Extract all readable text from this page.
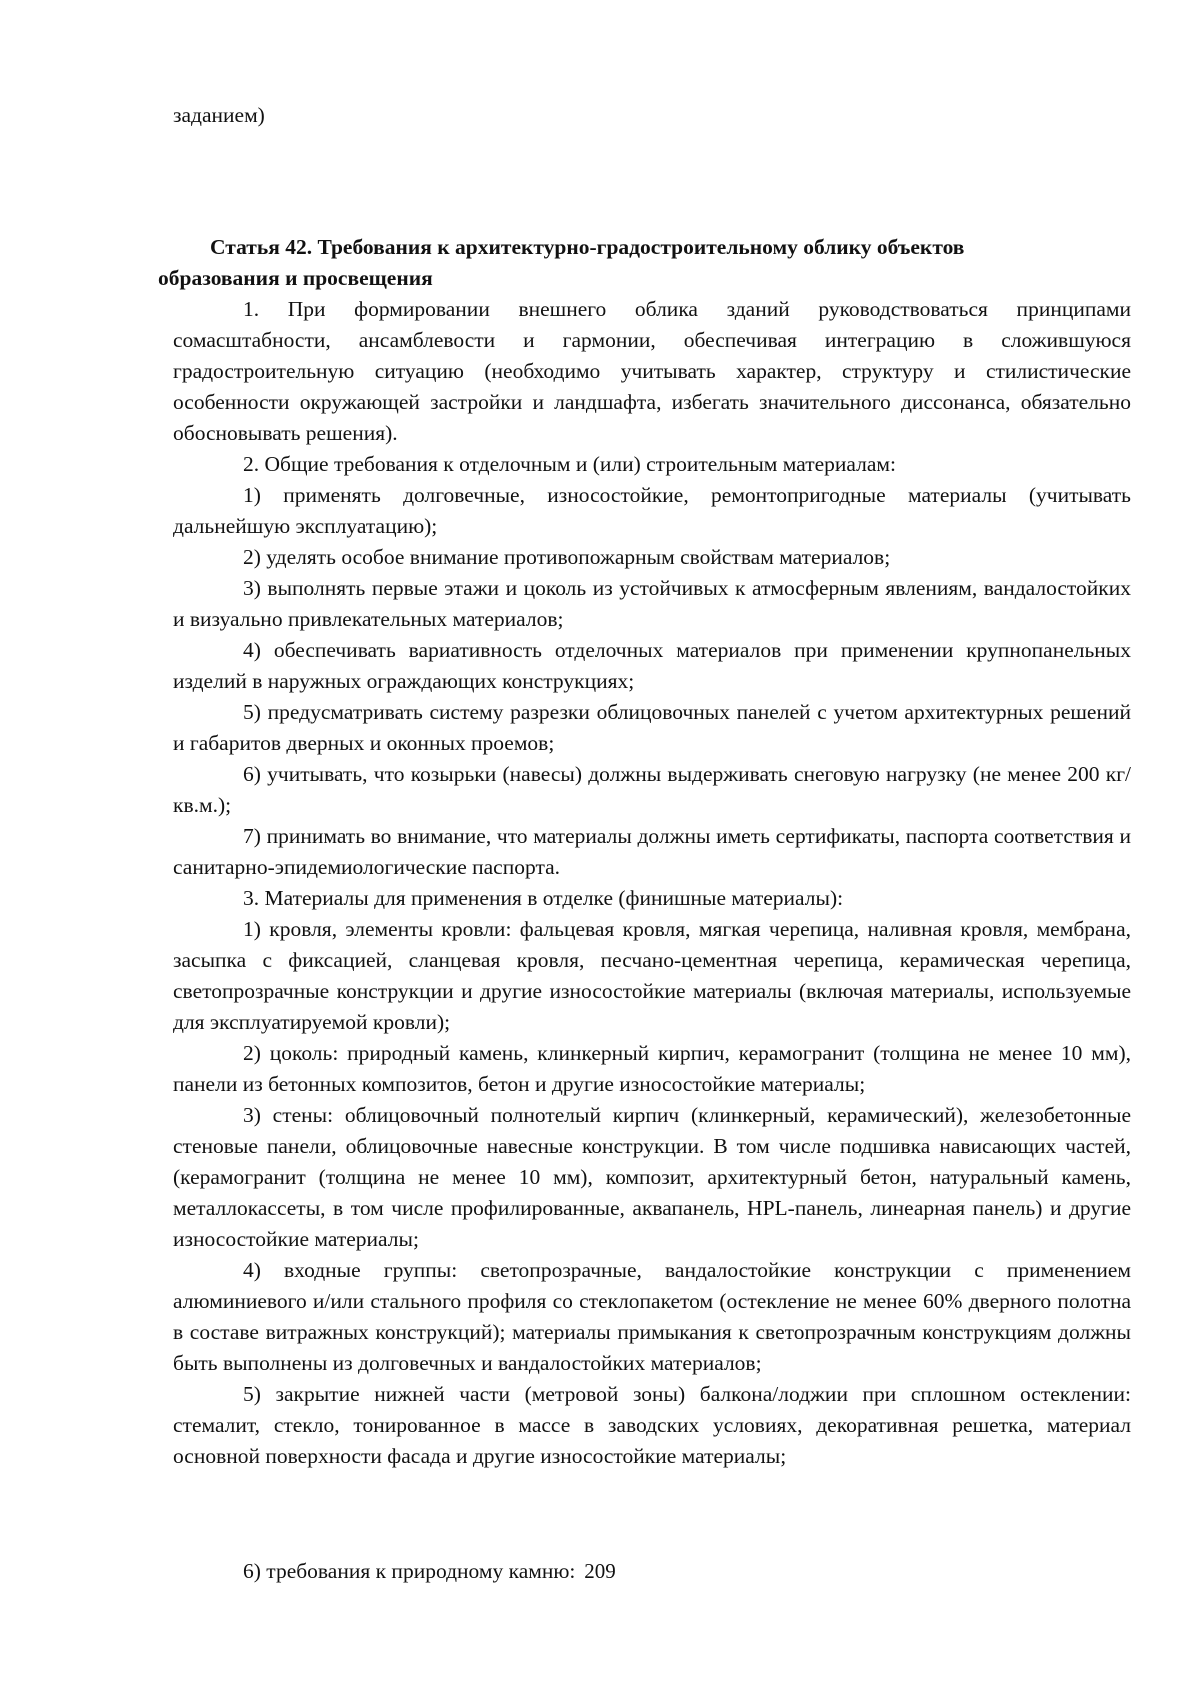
заданием)

Статья 42. Требования к архитектурно-градостроительному облику объектов
образования и просвещения

1. При формировании внешнего облика зданий руководствоваться принципами сомасштабности, ансамблевости и гармонии, обеспечивая интеграцию в сложившуюся градостроительную ситуацию (необходимо учитывать характер, структуру и стилистические особенности окружающей застройки и ландшафта, избегать значительного диссонанса, обязательно обосновывать решения).

2. Общие требования к отделочным и (или) строительным материалам:

1) применять долговечные, износостойкие, ремонтопригодные материалы (учитывать дальнейшую эксплуатацию);

2) уделять особое внимание противопожарным свойствам материалов;

3) выполнять первые этажи и цоколь из устойчивых к атмосферным явлениям, вандалостойких и визуально привлекательных материалов;

4) обеспечивать вариативность отделочных материалов при применении крупнопанельных изделий в наружных ограждающих конструкциях;

5) предусматривать систему разрезки облицовочных панелей с учетом архитектурных решений и габаритов дверных и оконных проемов;

6) учитывать, что козырьки (навесы) должны выдерживать снеговую нагрузку (не менее 200 кг/кв.м.);

7) принимать во внимание, что материалы должны иметь сертификаты, паспорта соответствия и санитарно-эпидемиологические паспорта.

3. Материалы для применения в отделке (финишные материалы):

1) кровля, элементы кровли: фальцевая кровля, мягкая черепица, наливная кровля, мембрана, засыпка с фиксацией, сланцевая кровля, песчано-цементная черепица, керамическая черепица, светопрозрачные конструкции и другие износостойкие материалы (включая материалы, используемые для эксплуатируемой кровли);

2) цоколь: природный камень, клинкерный кирпич, керамогранит (толщина не менее 10 мм), панели из бетонных композитов, бетон и другие износостойкие материалы;

3) стены: облицовочный полнотелый кирпич (клинкерный, керамический), железобетонные стеновые панели, облицовочные навесные конструкции. В том числе подшивка нависающих частей, (керамогранит (толщина не менее 10 мм), композит, архитектурный бетон, натуральный камень, металлокассеты, в том числе профилированные, аквапанель, HPL-панель, линеарная панель) и другие износостойкие материалы;

4) входные группы: светопрозрачные, вандалостойкие конструкции с применением алюминиевого и/или стального профиля со стеклопакетом (остекление не менее 60% дверного полотна в составе витражных конструкций); материалы примыкания к светопрозрачным конструкциям должны быть выполнены из долговечных и вандалостойких материалов;

5) закрытие нижней части (метровой зоны) балкона/лоджии при сплошном остеклении: стемалит, стекло, тонированное в массе в заводских условиях, декоративная решетка, материал основной поверхности фасада и другие износостойкие материалы;

6) требования к природному камню: 209
